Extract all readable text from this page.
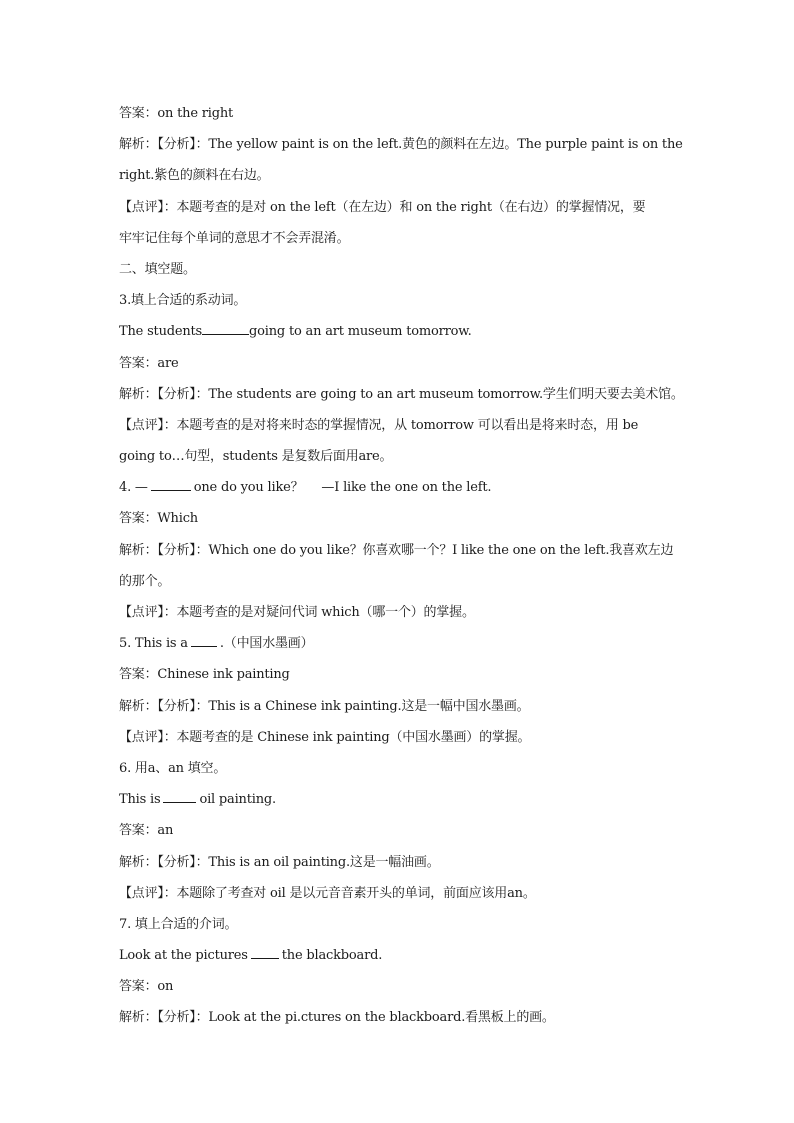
答案：on the right
解析：【分析】：The yellow paint is on the left.黄色的颜料在左边。The purple paint is on the
right.紫色的颜料在右边。
【点评】：本题考查的是对 on the left（在左边）和 on the right（在右边）的掌握情况，要
牢牢记住每个单词的意思才不会弄混淆。
二、填空题。
3.填上合适的系动词。
The students	going to an art museum tomorrow.
答案：are
解析：【分析】：The students are going to an art museum tomorrow.学生们明天要去美术馆。
【点评】：本题考查的是对将来时态的掌握情况，从 tomorrow 可以看出是将来时态，用 be
going to…句型，students 是复数后面用are。
4. —	one do you like？ —I like the one on the left.
答案：Which
解析：【分析】：Which one do you like？你喜欢哪一个？I like the one on the left.我喜欢左边
的那个。
【点评】：本题考查的是对疑问代词 which（哪一个）的掌握。
5. This is a .（中国水墨画）
答案：Chinese ink painting
解析：【分析】：This is a Chinese ink painting.这是一幅中国水墨画。
【点评】：本题考查的是 Chinese ink painting（中国水墨画）的掌握。
6. 用a、an 填空。
This is	oil painting.
答案：an
解析：【分析】：This is an oil painting.这是一幅油画。
【点评】：本题除了考查对 oil 是以元音音素开头的单词，前面应该用an。
7. 填上合适的介词。
Look at the pictures	the blackboard.
答案：on
解析：【分析】：Look at the pi.ctures on the blackboard.看黑板上的画。
